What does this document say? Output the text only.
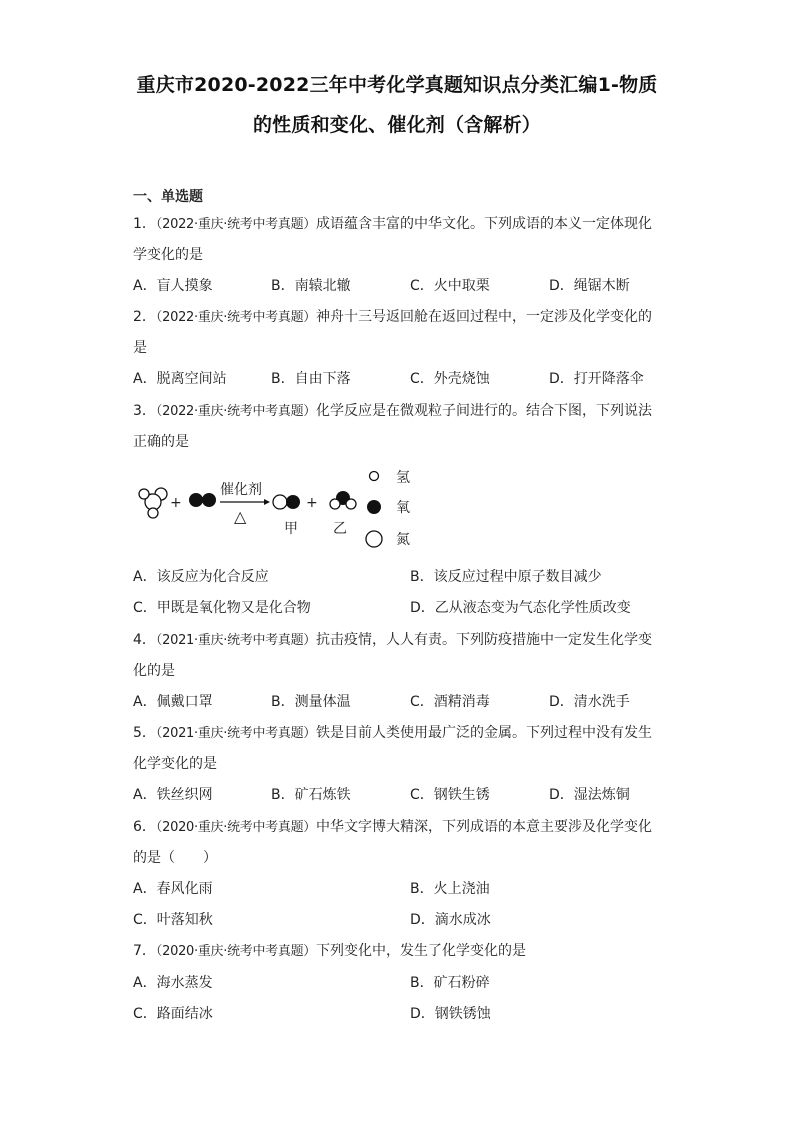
重庆市2020-2022三年中考化学真题知识点分类汇编1-物质
的性质和变化、催化剂（含解析）
一、单选题
1．（2022·重庆·统考中考真题）成语蕴含丰富的中华文化。下列成语的本义一定体现化
学变化的是
A．盲人摸象	B．南辕北辙	C．火中取栗	D．绳锯木断
2．（2022·重庆·统考中考真题）神舟十三号返回舱在返回过程中，一定涉及化学变化的
是
A．脱离空间站	B．自由下落	C．外壳烧蚀	D．打开降落伞
3．（2022·重庆·统考中考真题）化学反应是在微观粒子间进行的。结合下图，下列说法
正确的是
+
催化剂
△
甲
+
乙
氢
氧
氮
A．该反应为化合反应	B．该反应过程中原子数目减少
C．甲既是氧化物又是化合物	D．乙从液态变为气态化学性质改变
4．（2021·重庆·统考中考真题）抗击疫情，人人有责。下列防疫措施中一定发生化学变
化的是
A．佩戴口罩	B．测量体温	C．酒精消毒	D．清水洗手
5．（2021·重庆·统考中考真题）铁是目前人类使用最广泛的金属。下列过程中没有发生
化学变化的是
A．铁丝织网	B．矿石炼铁	C．钢铁生锈	D．湿法炼铜
6．（2020·重庆·统考中考真题）中华文字博大精深，下列成语的本意主要涉及化学变化
的是（　　）
A．春风化雨	B．火上浇油
C．叶落知秋	D．滴水成冰
7．（2020·重庆·统考中考真题）下列变化中，发生了化学变化的是
A．海水蒸发	B．矿石粉碎
C．路面结冰	D．钢铁锈蚀
